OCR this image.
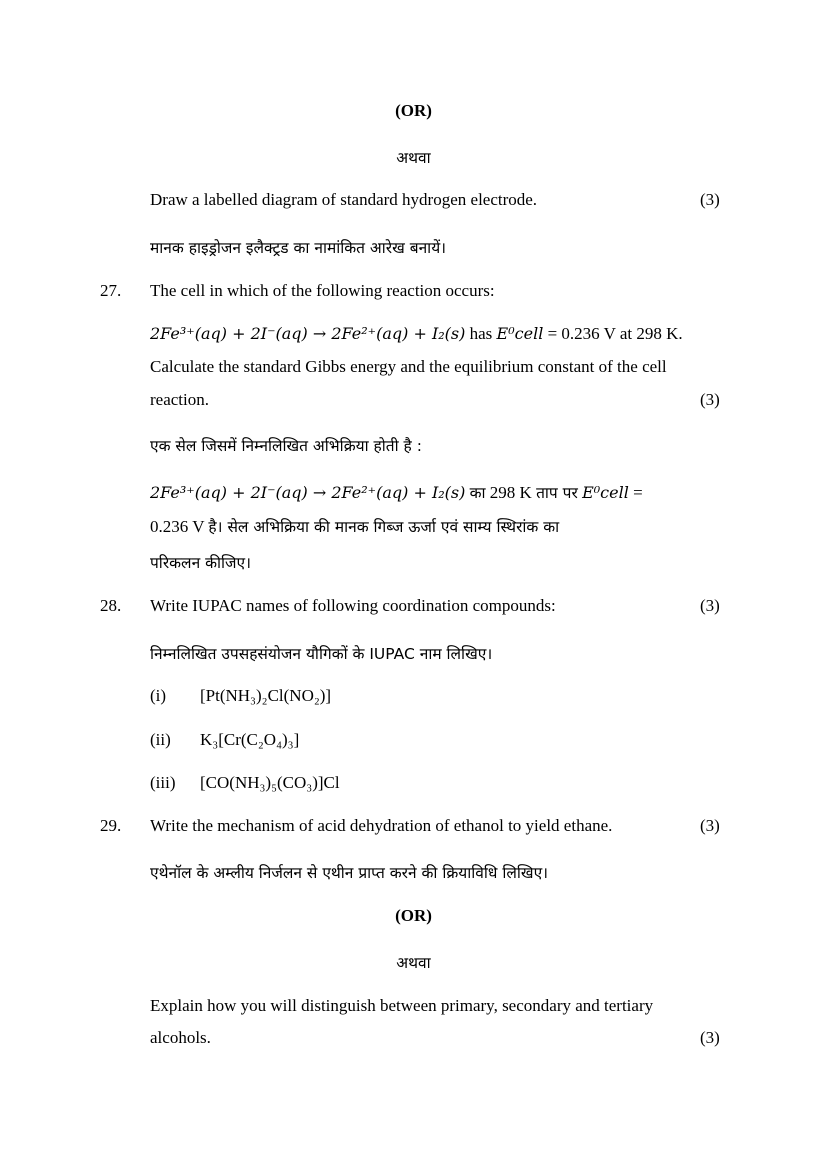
(OR)
अथवा
Draw a labelled diagram of standard hydrogen electrode.	(3)
मानक हाइड्रोजन इलैक्ट्रड का नामांकित आरेख बनायें।
27. The cell in which of the following reaction occurs:
2Fe³⁺(aq) + 2I⁻(aq) → 2Fe²⁺(aq) + I₂(s) has E⁰cell = 0.236 V at 298 K.
Calculate the standard Gibbs energy and the equilibrium constant of the cell
reaction.	(3)
एक सेल जिसमें निम्नलिखित अभिक्रिया होती है :
2Fe³⁺(aq) + 2I⁻(aq) → 2Fe²⁺(aq) + I₂(s) का 298 K ताप पर E⁰cell =
0.236 V है। सेल अभिक्रिया की मानक गिब्ज ऊर्जा एवं साम्य स्थिरांक का
परिकलन कीजिए।
28. Write IUPAC names of following coordination compounds:	(3)
निम्नलिखित उपसहसंयोजन यौगिकों के IUPAC नाम लिखिए।
(i) [Pt(NH₃)₂Cl(NO₂)]
(ii) K₃[Cr(C₂O₄)₃]
(iii) [CO(NH₃)₅(CO₃)]Cl
29. Write the mechanism of acid dehydration of ethanol to yield ethane.	(3)
एथेनॉल के अम्लीय निर्जलन से एथीन प्राप्त करने की क्रियाविधि लिखिए।
(OR)
अथवा
Explain how you will distinguish between primary, secondary and tertiary
alcohols.	(3)
